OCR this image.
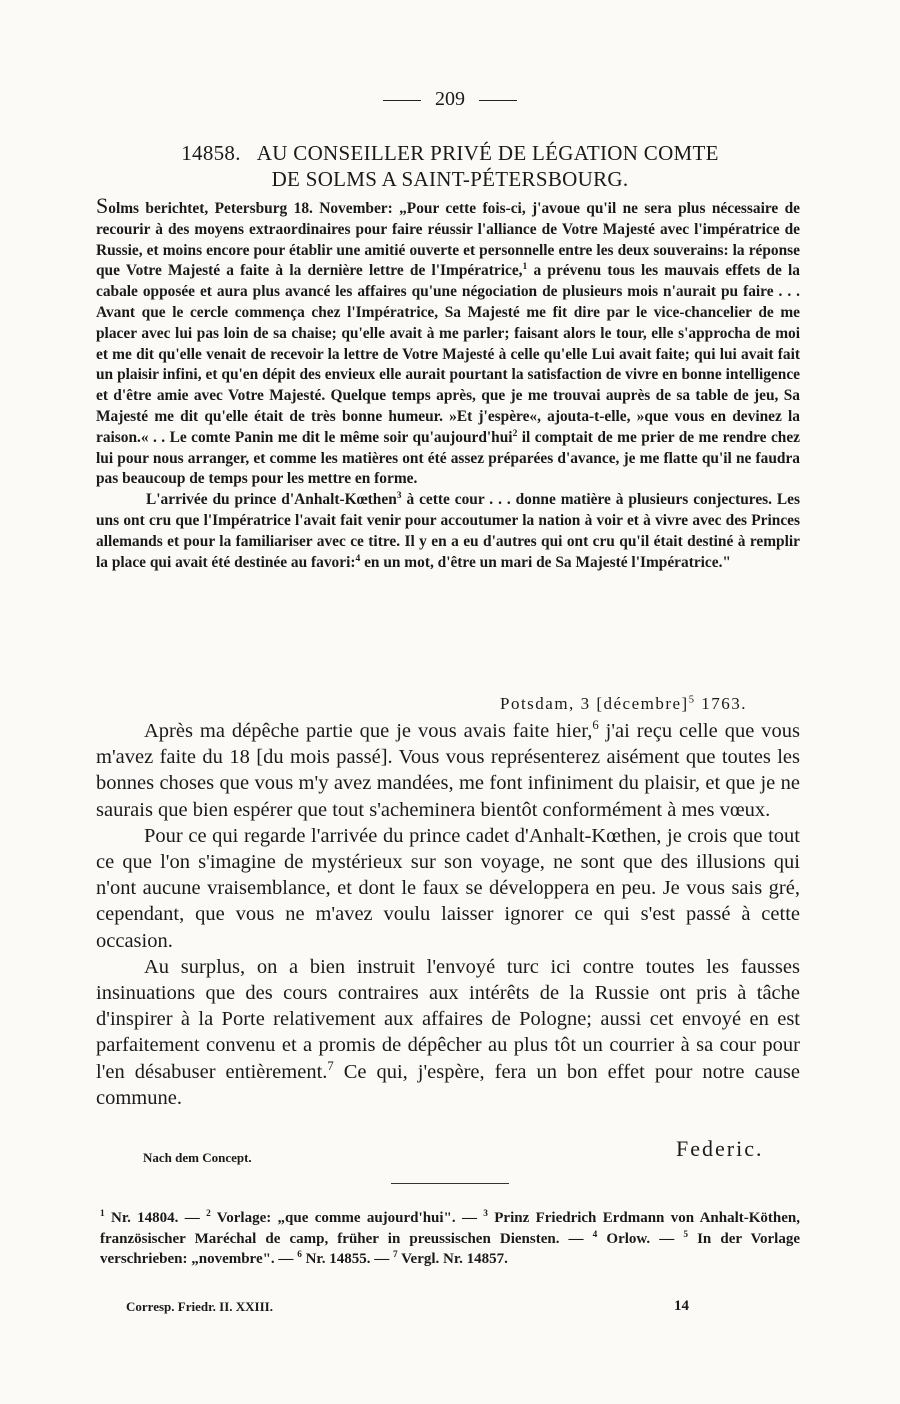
209
14858. AU CONSEILLER PRIVÉ DE LÉGATION COMTE
DE SOLMS A SAINT-PÉTERSBOURG.

Solms berichtet, Petersburg 18. November: „Pour cette fois-ci, j'avoue qu'il ne sera plus nécessaire de recourir à des moyens extraordinaires pour faire réussir l'alliance de Votre Majesté avec l'impératrice de Russie, et moins encore pour établir une amitié ouverte et personnelle entre les deux souverains: la réponse que Votre Majesté a faite à la dernière lettre de l'Impératrice,$^1$ a prévenu tous les mauvais effets de la cabale opposée et aura plus avancé les affaires qu'une négociation de plusieurs mois n'aurait pu faire . . . Avant que le cercle commença chez l'Impératrice, Sa Majesté me fit dire par le vice-chancelier de me placer avec lui pas loin de sa chaise; qu'elle avait à me parler; faisant alors le tour, elle s'approcha de moi et me dit qu'elle venait de recevoir la lettre de Votre Majesté à celle qu'elle Lui avait faite; qui lui avait fait un plaisir infini, et qu'en dépit des envieux elle aurait pourtant la satisfaction de vivre en bonne intelligence et d'être amie avec Votre Majesté. Quelque temps après, que je me trouvai auprès de sa table de jeu, Sa Majesté me dit qu'elle était de très bonne humeur. »Et j'espère«, ajouta-t-elle, »que vous en devinez la raison.« . . Le comte Panin me dit le même soir qu'aujourd'hui$^2$ il comptait de me prier de me rendre chez lui pour nous arranger, et comme les matières ont été assez préparées d'avance, je me flatte qu'il ne faudra pas beaucoup de temps pour les mettre en forme.

L'arrivée du prince d'Anhalt-Kœthen$^3$ à cette cour . . . donne matière à plusieurs conjectures. Les uns ont cru que l'Impératrice l'avait fait venir pour accoutumer la nation à voir et à vivre avec des Princes allemands et pour la familiariser avec ce titre. Il y en a eu d'autres qui ont cru qu'il était destiné à remplir la place qui avait été destinée au favori:$^4$ en un mot, d'être un mari de Sa Majesté l'Impératrice."

Potsdam, 3 [décembre]$^5$ 1763.

Après ma dépêche partie que je vous avais faite hier,$^6$ j'ai reçu celle que vous m'avez faite du 18 [du mois passé]. Vous vous représenterez aisément que toutes les bonnes choses que vous m'y avez mandées, me font infiniment du plaisir, et que je ne saurais que bien espérer que tout s'acheminera bientôt conformément à mes vœux.

Pour ce qui regarde l'arrivée du prince cadet d'Anhalt-Kœthen, je crois que tout ce que l'on s'imagine de mystérieux sur son voyage, ne sont que des illusions qui n'ont aucune vraisemblance, et dont le faux se développera en peu. Je vous sais gré, cependant, que vous ne m'avez voulu laisser ignorer ce qui s'est passé à cette occasion.

Au surplus, on a bien instruit l'envoyé turc ici contre toutes les fausses insinuations que des cours contraires aux intérêts de la Russie ont pris à tâche d'inspirer à la Porte relativement aux affaires de Pologne; aussi cet envoyé en est parfaitement convenu et a promis de dépêcher au plus tôt un courrier à sa cour pour l'en désabuser entièrement.$^7$ Ce qui, j'espère, fera un bon effet pour notre cause commune.

Nach dem Concept.	Federic.
$^1$ Nr. 14804. — $^2$ Vorlage: „que comme aujourd'hui". — $^3$ Prinz Friedrich Erdmann von Anhalt-Köthen, französischer Maréchal de camp, früher in preussischen Diensten. — $^4$ Orlow. — $^5$ In der Vorlage verschrieben: „novembre". — $^6$ Nr. 14855. — $^7$ Vergl. Nr. 14857.
Corresp. Friedr. II. XXIII.	14
